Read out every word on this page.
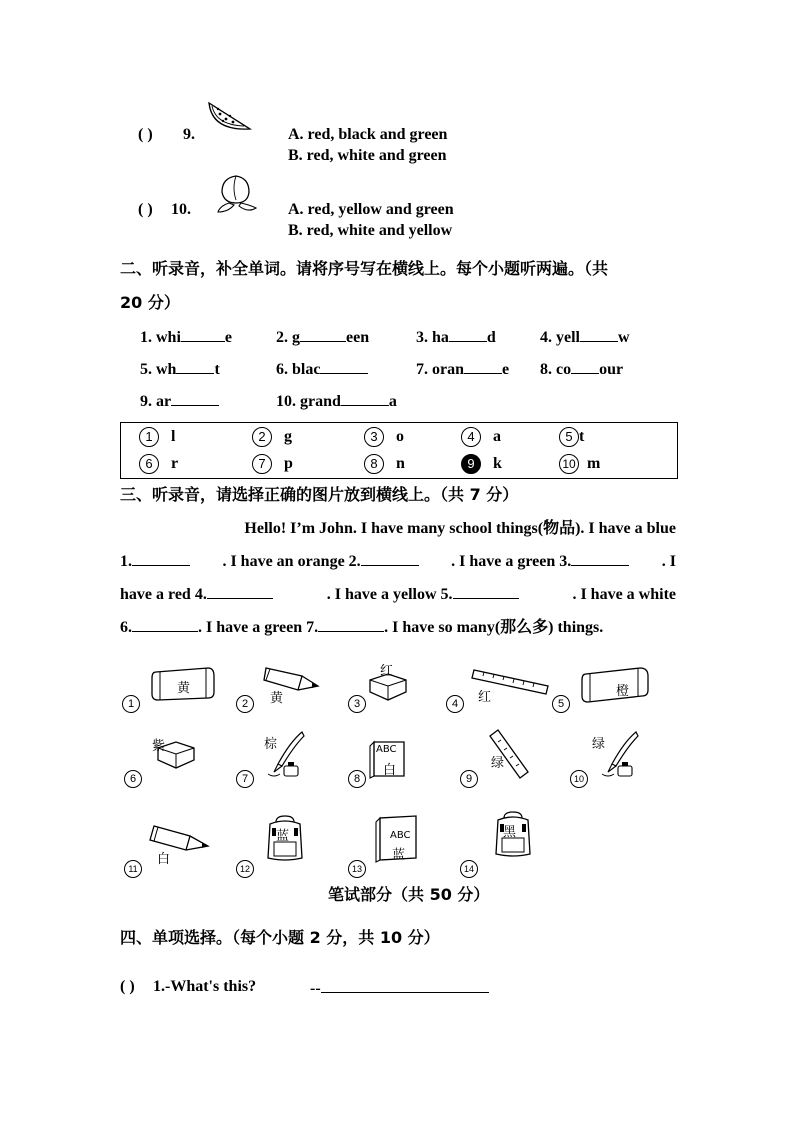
( ) 9.	A. red, black and green
B. red, white and green
( ) 10.	A. red, yellow and green
B. red, white and yellow
二、听录音，补全单词。请将序号写在横线上。每个小题听两遍。（共
20 分）
1. whi	e	2. g	een	3. ha d	4. yell w
5. wh t	6. blac	7. oran e 8. co our
9. ar	10. grand	a
1 l	2 g	3 o	4 a	5 t
6 r	7 p	8 n	9 k	10 m
三、听录音，请选择正确的图片放到横线上。（共 7 分）
Hello! I’m John. I have many school things(物品). I have a blue
1.	. I have an orange 2.	. I have a green 3.	. I
have a red 4.	. I have a yellow 5.	. I have a white
6.	. I have a green 7.	. I have so many(那么多) things.
1
黄
2	黄	3
红
4	红	5
橙
6
紫
7
棕
8
ABC
白
9
绿
10
绿
11
白
12
蓝
13
ABC
蓝
14
黑
笔试部分（共 50 分）
四、单项选择。（每个小题 2 分，共 10 分）
( ) 1.-What's this?	--
